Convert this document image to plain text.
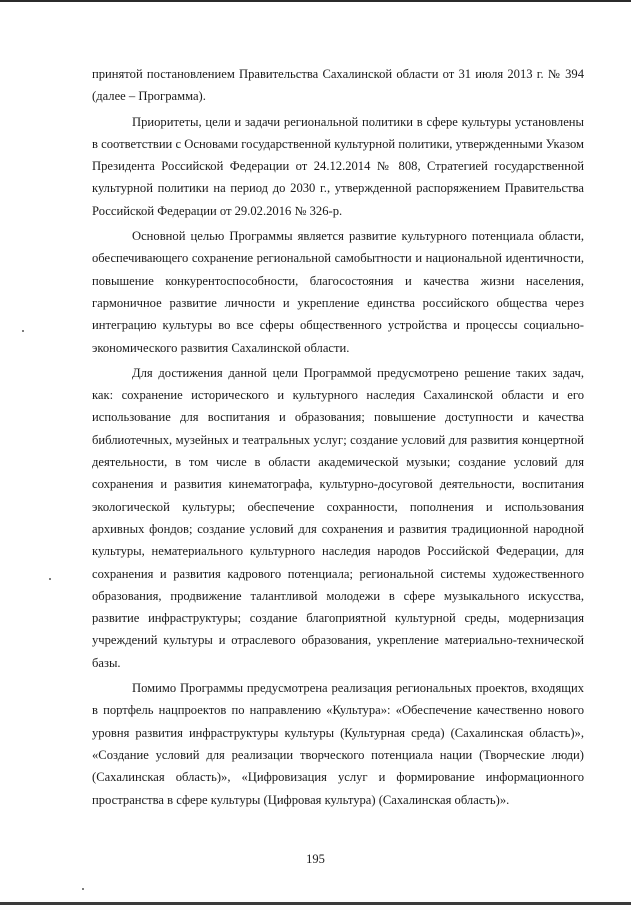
принятой постановлением Правительства Сахалинской области от 31 июля 2013 г. № 394 (далее – Программа).

Приоритеты, цели и задачи региональной политики в сфере культуры установлены в соответствии с Основами государственной культурной политики, утвержденными Указом Президента Российской Федерации от 24.12.2014 № 808, Стратегией государственной культурной политики на период до 2030 г., утвержденной распоряжением Правительства Российской Федерации от 29.02.2016 № 326-р.

Основной целью Программы является развитие культурного потенциала области, обеспечивающего сохранение региональной самобытности и национальной идентичности, повышение конкурентоспособности, благосостояния и качества жизни населения, гармоничное развитие личности и укрепление единства российского общества через интеграцию культуры во все сферы общественного устройства и процессы социально-экономического развития Сахалинской области.

Для достижения данной цели Программой предусмотрено решение таких задач, как: сохранение исторического и культурного наследия Сахалинской области и его использование для воспитания и образования; повышение доступности и качества библиотечных, музейных и театральных услуг; создание условий для развития концертной деятельности, в том числе в области академической музыки; создание условий для сохранения и развития кинематографа, культурно-досуговой деятельности, воспитания экологической культуры; обеспечение сохранности, пополнения и использования архивных фондов; создание условий для сохранения и развития традиционной народной культуры, нематериального культурного наследия народов Российской Федерации, для сохранения и развития кадрового потенциала; региональной системы художественного образования, продвижение талантливой молодежи в сфере музыкального искусства, развитие инфраструктуры; создание благоприятной культурной среды, модернизация учреждений культуры и отраслевого образования, укрепление материально-технической базы.

Помимо Программы предусмотрена реализация региональных проектов, входящих в портфель нацпроектов по направлению «Культура»: «Обеспечение качественно нового уровня развития инфраструктуры культуры (Культурная среда) (Сахалинская область)», «Создание условий для реализации творческого потенциала нации (Творческие люди) (Сахалинская область)», «Цифровизация услуг и формирование информационного пространства в сфере культуры (Цифровая культура) (Сахалинская область)».

195
